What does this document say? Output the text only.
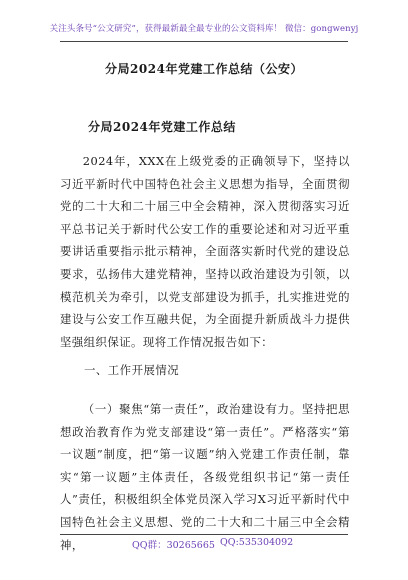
关注头条号“公文研究”，获得最新最全最专业的公文资料库！ 微信：gongwenyj
分局2024年党建工作总结（公安）
分局2024年党建工作总结

2024年，XXX在上级党委的正确领导下，坚持以习近平新时代中国特色社会主义思想为指导，全面贯彻党的二十大和二十届三中全会精神，深入贯彻落实习近平总书记关于新时代公安工作的重要论述和对习近平重要讲话重要指示批示精神，全面落实新时代党的建设总要求，弘扬伟大建党精神，坚持以政治建设为引领，以模范机关为牵引，以党支部建设为抓手，扎实推进党的建设与公安工作互融共促，为全面提升新质战斗力提供坚强组织保证。现将工作情况报告如下：

一、工作开展情况

（一）聚焦“第一责任”，政治建设有力。坚持把思想政治教育作为党支部建设“第一责任”。严格落实“第一议题”制度，把“第一议题”纳入党建工作责任制，靠实“第一议题”主体责任，各级党组织书记“第一责任人”责任，积极组织全体党员深入学习X习近平新时代中国特色社会主义思想、党的二十大和二十届三中全会精神，	QQ群：30265665 QQ:535304092
